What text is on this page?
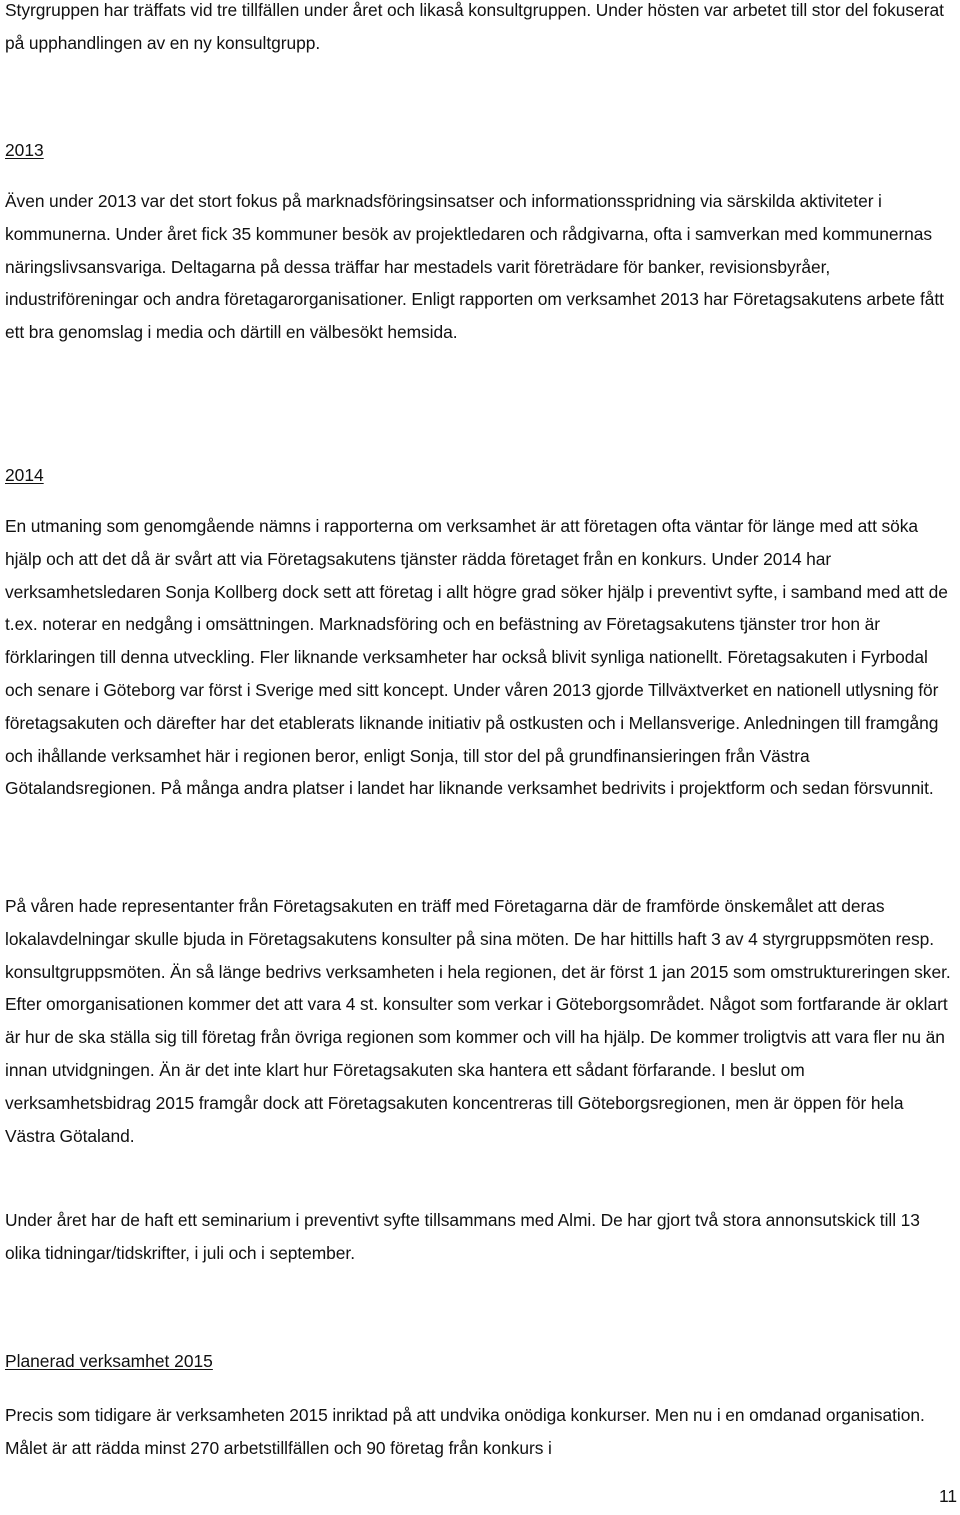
Styrgruppen har träffats vid tre tillfällen under året och likaså konsultgruppen. Under hösten var arbetet till stor del fokuserat på upphandlingen av en ny konsultgrupp.

2013

Även under 2013 var det stort fokus på marknadsföringsinsatser och informationsspridning via särskilda aktiviteter i kommunerna. Under året fick 35 kommuner besök av projektledaren och rådgivarna, ofta i samverkan med kommunernas näringslivsansvariga. Deltagarna på dessa träffar har mestadels varit företrädare för banker, revisionsbyråer, industriföreningar och andra företagarorganisationer. Enligt rapporten om verksamhet 2013 har Företagsakutens arbete fått ett bra genomslag i media och därtill en välbesökt hemsida.

2014

En utmaning som genomgående nämns i rapporterna om verksamhet är att företagen ofta väntar för länge med att söka hjälp och att det då är svårt att via Företagsakutens tjänster rädda företaget från en konkurs. Under 2014 har verksamhetsledaren Sonja Kollberg dock sett att företag i allt högre grad söker hjälp i preventivt syfte, i samband med att de t.ex. noterar en nedgång i omsättningen. Marknadsföring och en befästning av Företagsakutens tjänster tror hon är förklaringen till denna utveckling. Fler liknande verksamheter har också blivit synliga nationellt. Företagsakuten i Fyrbodal och senare i Göteborg var först i Sverige med sitt koncept. Under våren 2013 gjorde Tillväxtverket en nationell utlysning för företagsakuten och därefter har det etablerats liknande initiativ på ostkusten och i Mellansverige. Anledningen till framgång och ihållande verksamhet här i regionen beror, enligt Sonja, till stor del på grundfinansieringen från Västra Götalandsregionen. På många andra platser i landet har liknande verksamhet bedrivits i projektform och sedan försvunnit.

På våren hade representanter från Företagsakuten en träff med Företagarna där de framförde önskemålet att deras lokalavdelningar skulle bjuda in Företagsakutens konsulter på sina möten. De har hittills haft 3 av 4 styrgruppsmöten resp. konsultgruppsmöten. Än så länge bedrivs verksamheten i hela regionen, det är först 1 jan 2015 som omstruktureringen sker. Efter omorganisationen kommer det att vara 4 st. konsulter som verkar i Göteborgsområdet. Något som fortfarande är oklart är hur de ska ställa sig till företag från övriga regionen som kommer och vill ha hjälp. De kommer troligtvis att vara fler nu än innan utvidgningen. Än är det inte klart hur Företagsakuten ska hantera ett sådant förfarande. I beslut om verksamhetsbidrag 2015 framgår dock att Företagsakuten koncentreras till Göteborgsregionen, men är öppen för hela Västra Götaland.

Under året har de haft ett seminarium i preventivt syfte tillsammans med Almi. De har gjort två stora annonsutskick till 13 olika tidningar/tidskrifter, i juli och i september.

Planerad verksamhet 2015

Precis som tidigare är verksamheten 2015 inriktad på att undvika onödiga konkurser. Men nu i en omdanad organisation. Målet är att rädda minst 270 arbetstillfällen och 90 företag från konkurs i

11
